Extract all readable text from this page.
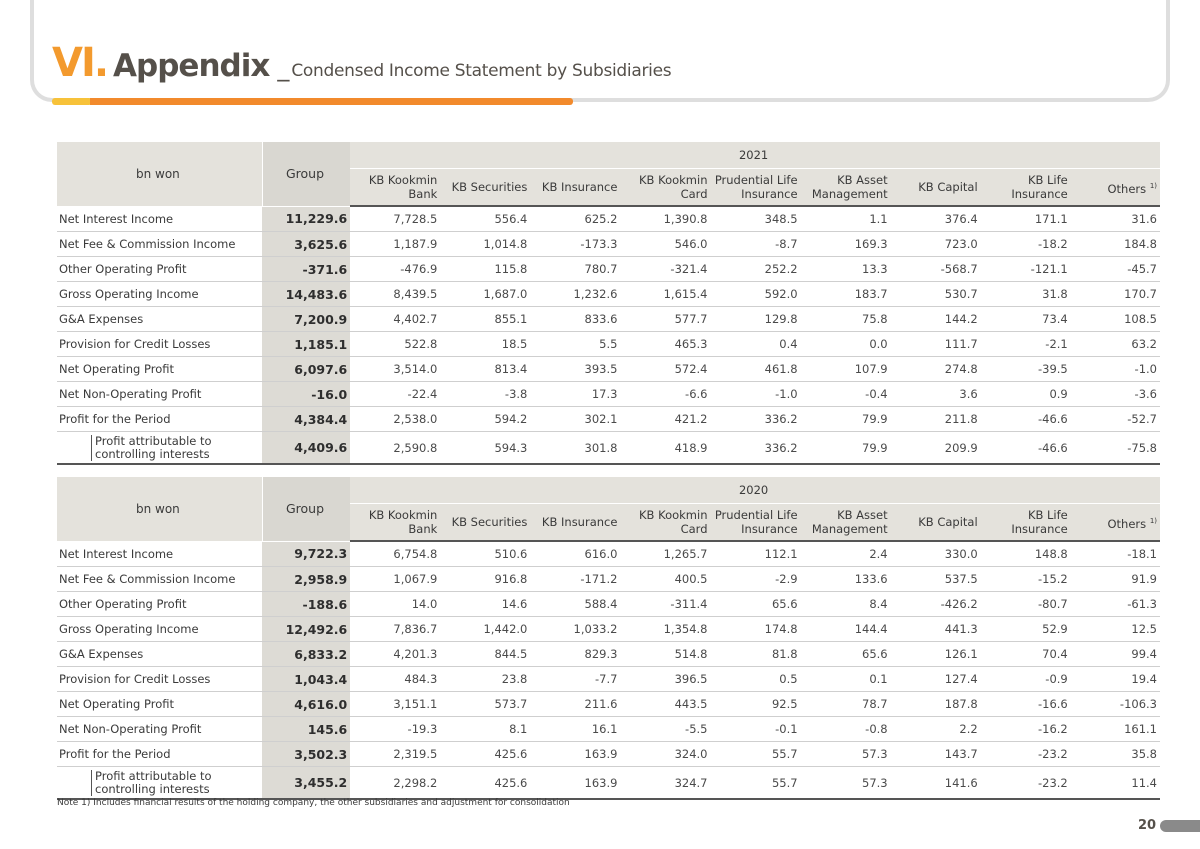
VI. Appendix _ Condensed Income Statement by Subsidiaries
bn won	Group	2021								
		KB Kookmin Bank	KB Securities	KB Insurance	KB Kookmin Card	Prudential Life Insurance	KB Asset Management	KB Capital	KB Life Insurance	Others $^{1)}$
Net Interest Income	11,229.6	7,728.5	556.4	625.2	1,390.8	348.5	1.1	376.4	171.1	31.6
Net Fee & Commission Income	3,625.6	1,187.9	1,014.8	-173.3	546.0	-8.7	169.3	723.0	-18.2	184.8
Other Operating Profit	-371.6	-476.9	115.8	780.7	-321.4	252.2	13.3	-568.7	-121.1	-45.7
Gross Operating Income	14,483.6	8,439.5	1,687.0	1,232.6	1,615.4	592.0	183.7	530.7	31.8	170.7
G&A Expenses	7,200.9	4,402.7	855.1	833.6	577.7	129.8	75.8	144.2	73.4	108.5
Provision for Credit Losses	1,185.1	522.8	18.5	5.5	465.3	0.4	0.0	111.7	-2.1	63.2
Net Operating Profit	6,097.6	3,514.0	813.4	393.5	572.4	461.8	107.9	274.8	-39.5	-1.0
Net Non-Operating Profit	-16.0	-22.4	-3.8	17.3	-6.6	-1.0	-0.4	3.6	0.9	-3.6
Profit for the Period	4,384.4	2,538.0	594.2	302.1	421.2	336.2	79.9	211.8	-46.6	-52.7
Profit attributable to controlling interests	4,409.6	2,590.8	594.3	301.8	418.9	336.2	79.9	209.9	-46.6	-75.8
bn won	Group	2020								
		KB Kookmin Bank	KB Securities	KB Insurance	KB Kookmin Card	Prudential Life Insurance	KB Asset Management	KB Capital	KB Life Insurance	Others $^{1)}$
Net Interest Income	9,722.3	6,754.8	510.6	616.0	1,265.7	112.1	2.4	330.0	148.8	-18.1
Net Fee & Commission Income	2,958.9	1,067.9	916.8	-171.2	400.5	-2.9	133.6	537.5	-15.2	91.9
Other Operating Profit	-188.6	14.0	14.6	588.4	-311.4	65.6	8.4	-426.2	-80.7	-61.3
Gross Operating Income	12,492.6	7,836.7	1,442.0	1,033.2	1,354.8	174.8	144.4	441.3	52.9	12.5
G&A Expenses	6,833.2	4,201.3	844.5	829.3	514.8	81.8	65.6	126.1	70.4	99.4
Provision for Credit Losses	1,043.4	484.3	23.8	-7.7	396.5	0.5	0.1	127.4	-0.9	19.4
Net Operating Profit	4,616.0	3,151.1	573.7	211.6	443.5	92.5	78.7	187.8	-16.6	-106.3
Net Non-Operating Profit	145.6	-19.3	8.1	16.1	-5.5	-0.1	-0.8	2.2	-16.2	161.1
Profit for the Period	3,502.3	2,319.5	425.6	163.9	324.0	55.7	57.3	143.7	-23.2	35.8
Profit attributable to controlling interests	3,455.2	2,298.2	425.6	163.9	324.7	55.7	57.3	141.6	-23.2	11.4
Note 1) Includes financial results of the holding company, the other subsidiaries and adjustment for consolidation
20
